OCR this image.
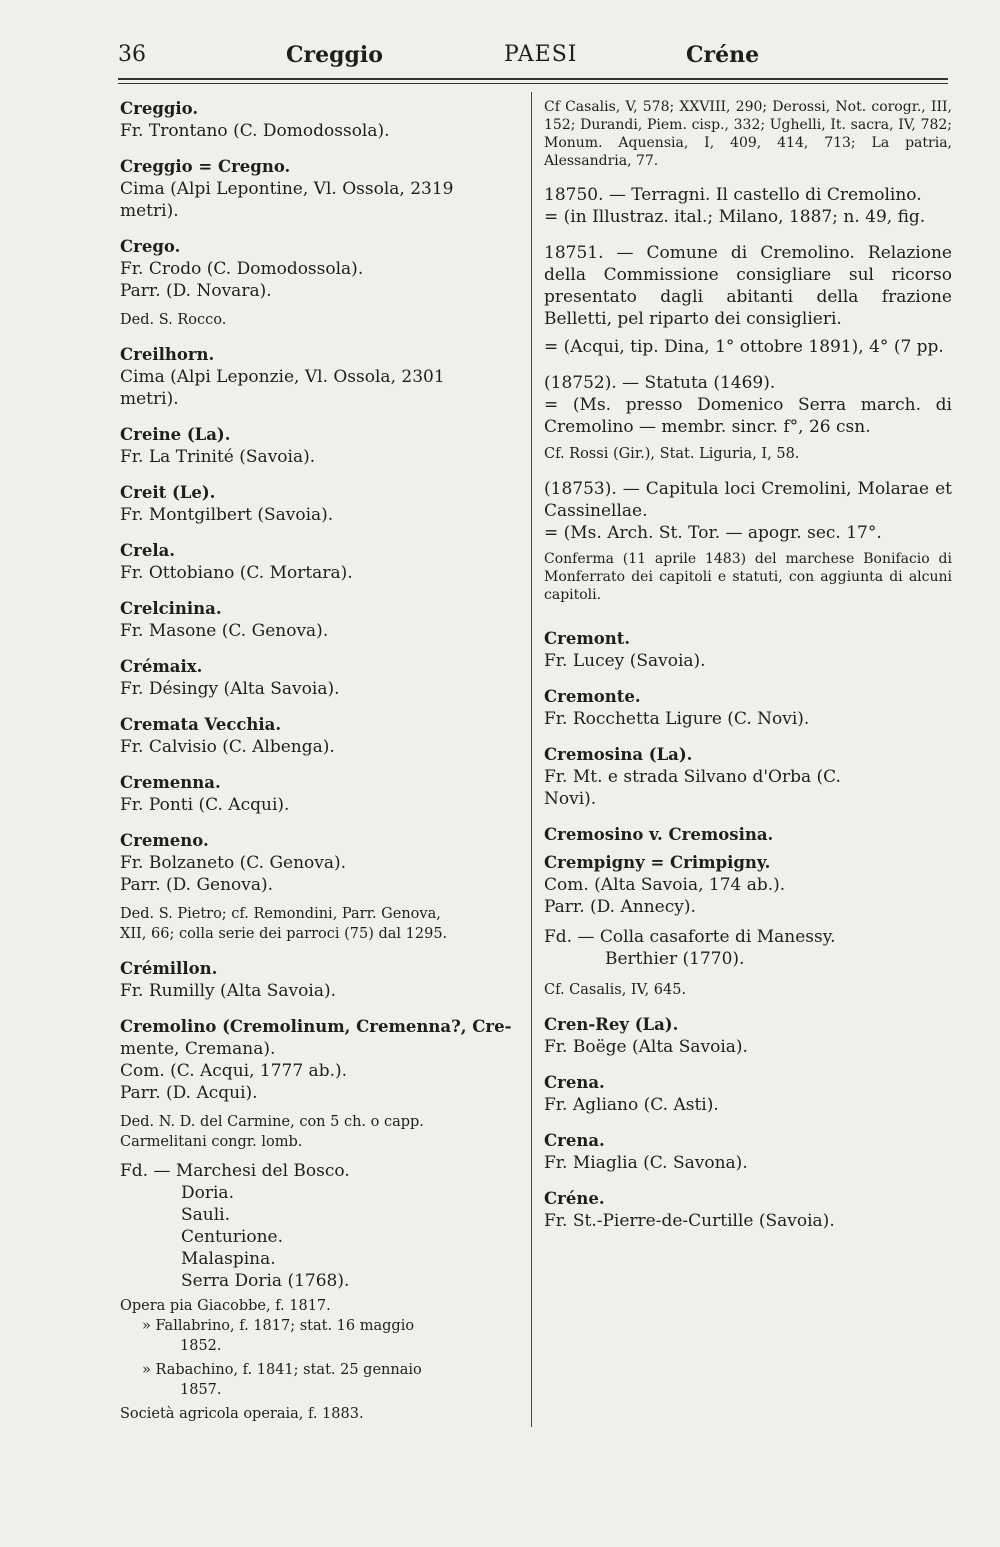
36	Creggio	PAESI	Créne
Creggio.
Fr. Trontano (C. Domodossola).
Creggio = Cregno.
Cima (Alpi Lepontine, Vl. Ossola, 2319
metri).
Crego.
Fr. Crodo (C. Domodossola).
Parr. (D. Novara).
Ded. S. Rocco.
Creilhorn.
Cima (Alpi Leponzie, Vl. Ossola, 2301
metri).
Creine (La).
Fr. La Trinité (Savoia).
Creit (Le).
Fr. Montgilbert (Savoia).
Crela.
Fr. Ottobiano (C. Mortara).
Crelcinina.
Fr. Masone (C. Genova).
Crémaix.
Fr. Désingy (Alta Savoia).
Cremata Vecchia.
Fr. Calvisio (C. Albenga).
Cremenna.
Fr. Ponti (C. Acqui).
Cremeno.
Fr. Bolzaneto (C. Genova).
Parr. (D. Genova).
Ded. S. Pietro; cf. Remondini, Parr. Genova,
XII, 66; colla serie dei parroci (75) dal 1295.
Crémillon.
Fr. Rumilly (Alta Savoia).
Cremolino (Cremolinum, Cremenna?, Cre-
mente, Cremana).
Com. (C. Acqui, 1777 ab.).
Parr. (D. Acqui).
Ded. N. D. del Carmine, con 5 ch. o capp.
Carmelitani congr. lomb.
Fd. — Marchesi del Bosco.
Doria.
Sauli.
Centurione.
Malaspina.
Serra Doria (1768).
Opera pia Giacobbe, f. 1817.
» Fallabrino, f. 1817; stat. 16 maggio
1852.
» Rabachino, f. 1841; stat. 25 gennaio
1857.
Società agricola operaia, f. 1883.
Cf Casalis, V, 578; XXVIII, 290; Derossi, Not. corogr., III, 152; Durandi, Piem. cisp., 332; Ughelli, It. sacra, IV, 782; Monum. Aquensia, I, 409, 414, 713; La patria, Alessandria, 77.
18750. — Terragni. Il castello di Cremolino.
= (in Illustraz. ital.; Milano, 1887; n. 49, fig.
18751. — Comune di Cremolino. Relazione della Commissione consigliare sul ricorso presentato dagli abitanti della frazione Belletti, pel riparto dei consiglieri.
= (Acqui, tip. Dina, 1° ottobre 1891), 4° (7 pp.
(18752). — Statuta (1469).
= (Ms. presso Domenico Serra march. di Cremolino — membr. sincr. f°, 26 csn.
Cf. Rossi (Gir.), Stat. Liguria, I, 58.
(18753). — Capitula loci Cremolini, Molarae et Cassinellae.
= (Ms. Arch. St. Tor. — apogr. sec. 17°.
Conferma (11 aprile 1483) del marchese Bonifacio di Monferrato dei capitoli e statuti, con aggiunta di alcuni capitoli.
Cremont.
Fr. Lucey (Savoia).
Cremonte.
Fr. Rocchetta Ligure (C. Novi).
Cremosina (La).
Fr. Mt. e strada Silvano d'Orba (C.
Novi).
Cremosino v. Cremosina.
Crempigny = Crimpigny.
Com. (Alta Savoia, 174 ab.).
Parr. (D. Annecy).
Fd. — Colla casaforte di Manessy.
Berthier (1770).
Cf. Casalis, IV, 645.
Cren-Rey (La).
Fr. Boëge (Alta Savoia).
Crena.
Fr. Agliano (C. Asti).
Crena.
Fr. Miaglia (C. Savona).
Créne.
Fr. St.-Pierre-de-Curtille (Savoia).
